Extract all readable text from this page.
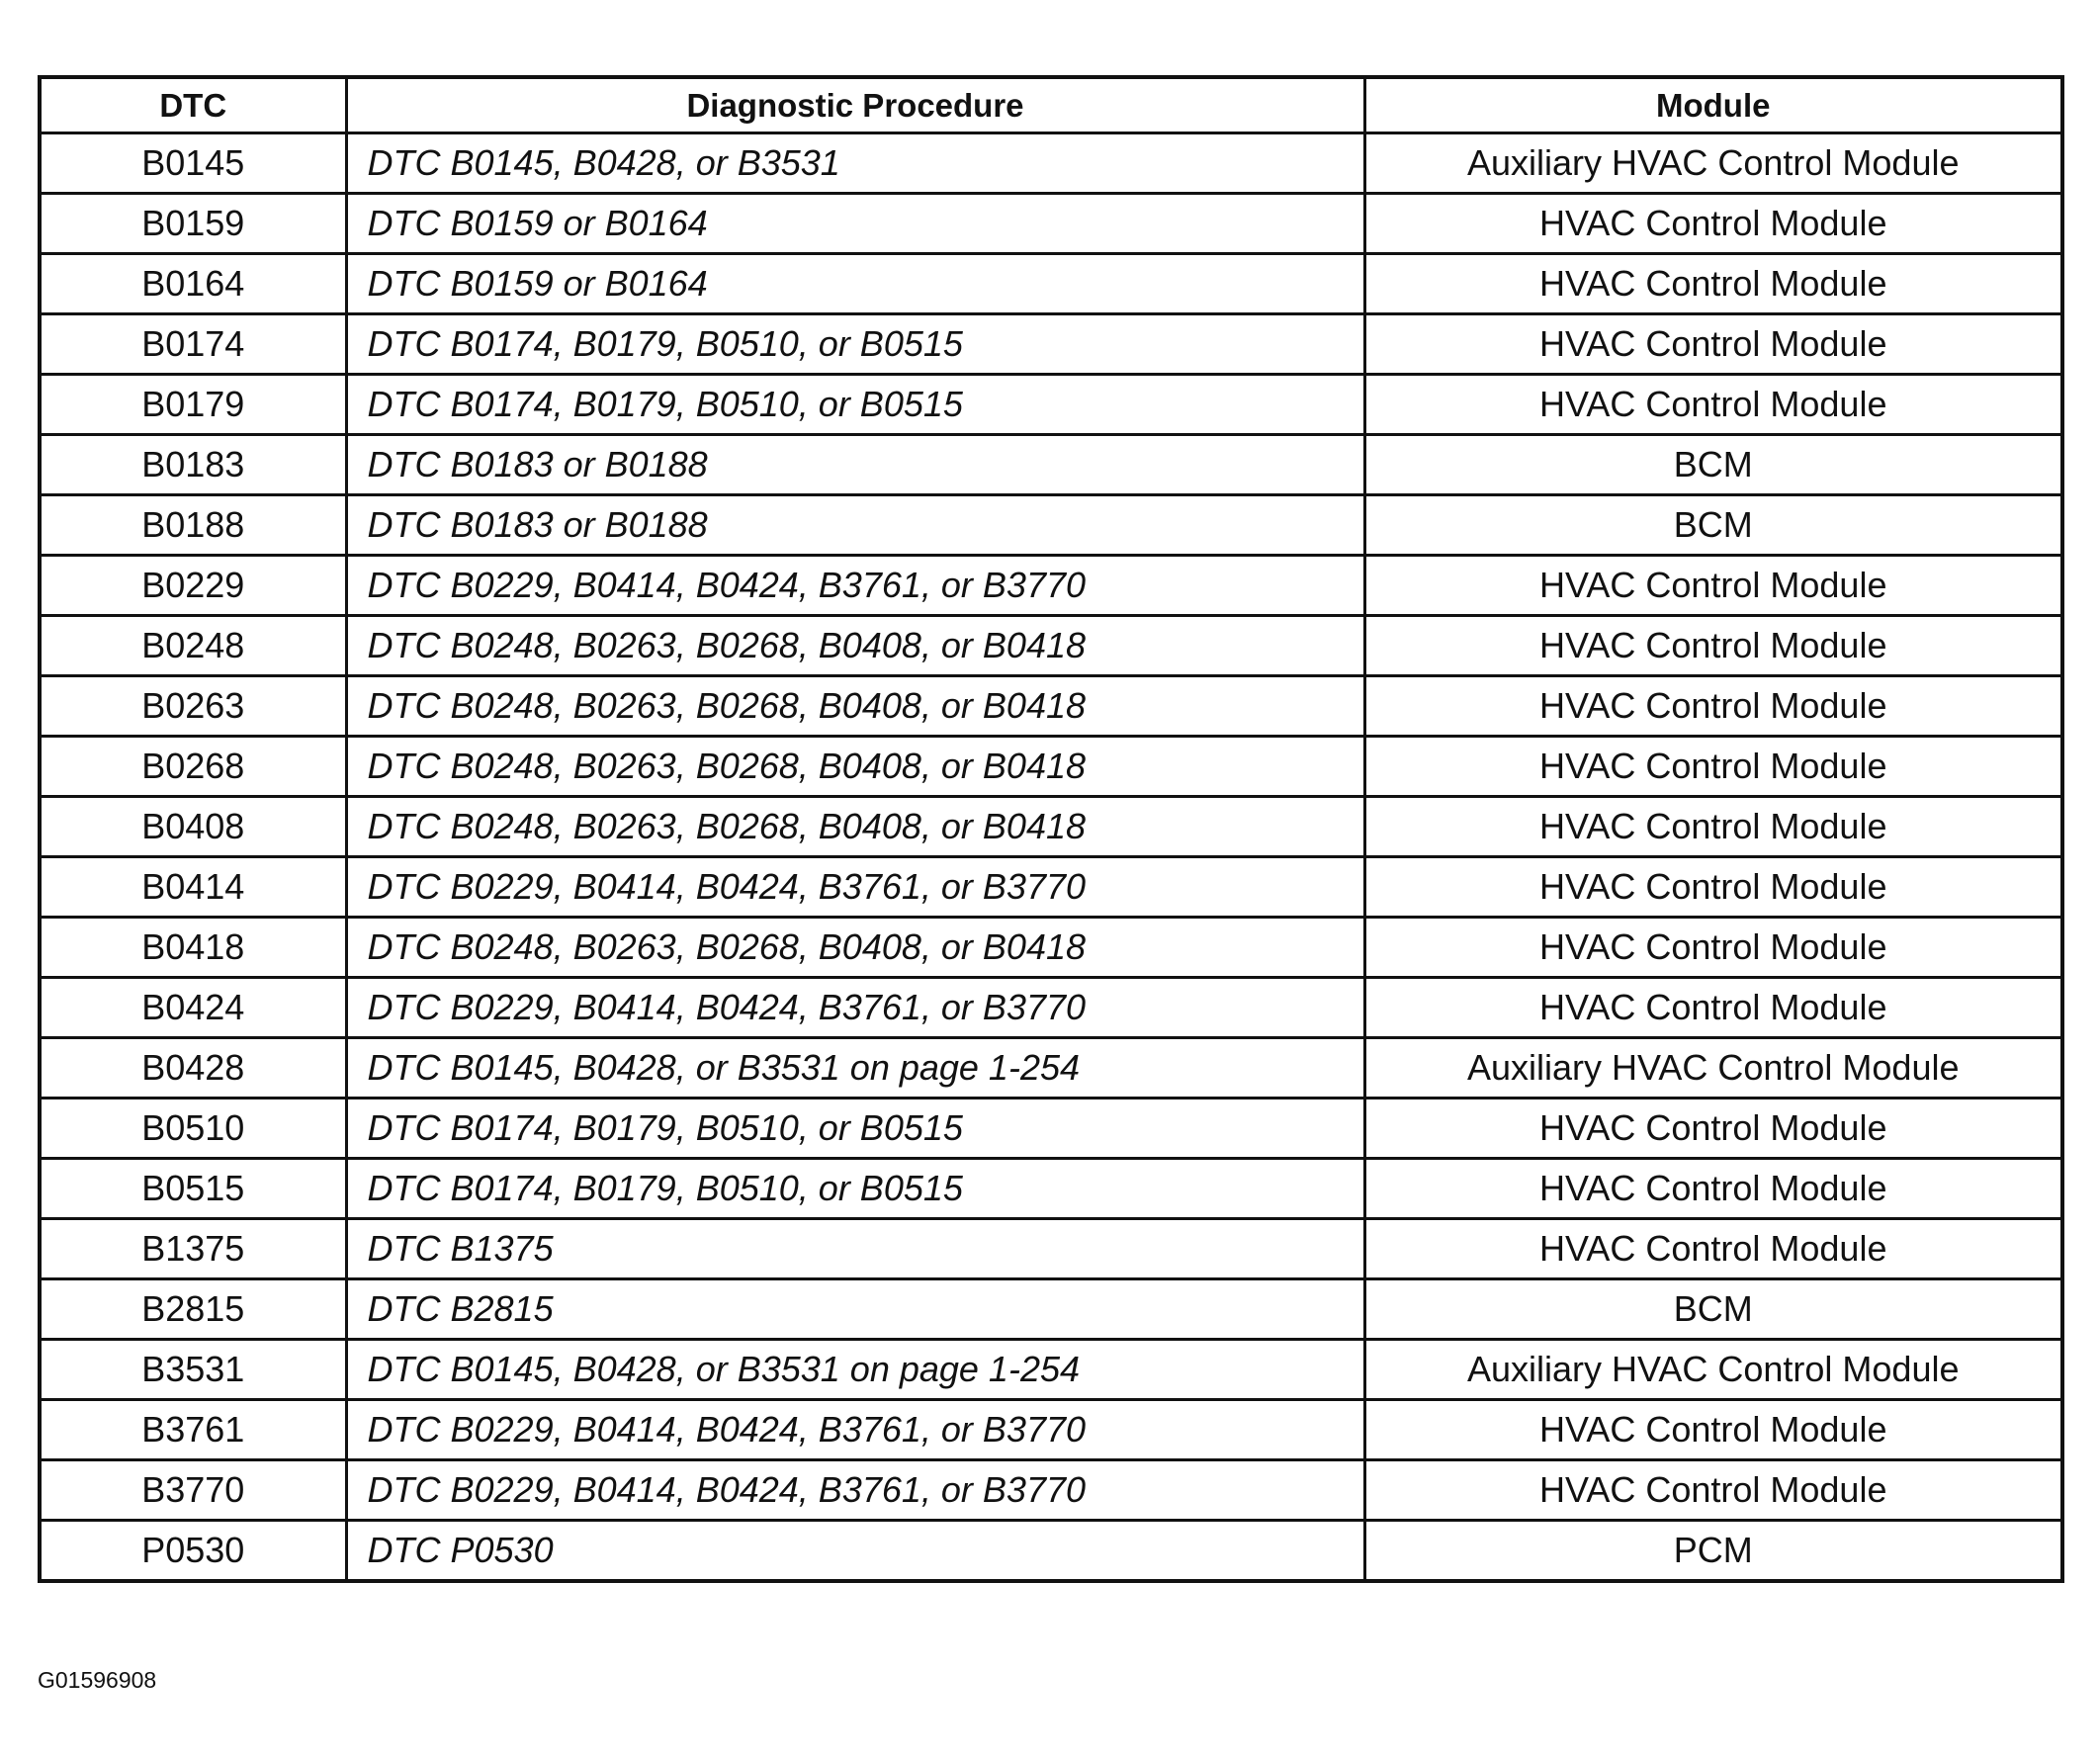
DTC	Diagnostic Procedure	Module
B0145	DTC B0145, B0428, or B3531	Auxiliary HVAC Control Module
B0159	DTC B0159 or B0164	HVAC Control Module
B0164	DTC B0159 or B0164	HVAC Control Module
B0174	DTC B0174, B0179, B0510, or B0515	HVAC Control Module
B0179	DTC B0174, B0179, B0510, or B0515	HVAC Control Module
B0183	DTC B0183 or B0188	BCM
B0188	DTC B0183 or B0188	BCM
B0229	DTC B0229, B0414, B0424, B3761, or B3770	HVAC Control Module
B0248	DTC B0248, B0263, B0268, B0408, or B0418	HVAC Control Module
B0263	DTC B0248, B0263, B0268, B0408, or B0418	HVAC Control Module
B0268	DTC B0248, B0263, B0268, B0408, or B0418	HVAC Control Module
B0408	DTC B0248, B0263, B0268, B0408, or B0418	HVAC Control Module
B0414	DTC B0229, B0414, B0424, B3761, or B3770	HVAC Control Module
B0418	DTC B0248, B0263, B0268, B0408, or B0418	HVAC Control Module
B0424	DTC B0229, B0414, B0424, B3761, or B3770	HVAC Control Module
B0428	DTC B0145, B0428, or B3531 on page 1-254	Auxiliary HVAC Control Module
B0510	DTC B0174, B0179, B0510, or B0515	HVAC Control Module
B0515	DTC B0174, B0179, B0510, or B0515	HVAC Control Module
B1375	DTC B1375	HVAC Control Module
B2815	DTC B2815	BCM
B3531	DTC B0145, B0428, or B3531 on page 1-254	Auxiliary HVAC Control Module
B3761	DTC B0229, B0414, B0424, B3761, or B3770	HVAC Control Module
B3770	DTC B0229, B0414, B0424, B3761, or B3770	HVAC Control Module
P0530	DTC P0530	PCM
G01596908
